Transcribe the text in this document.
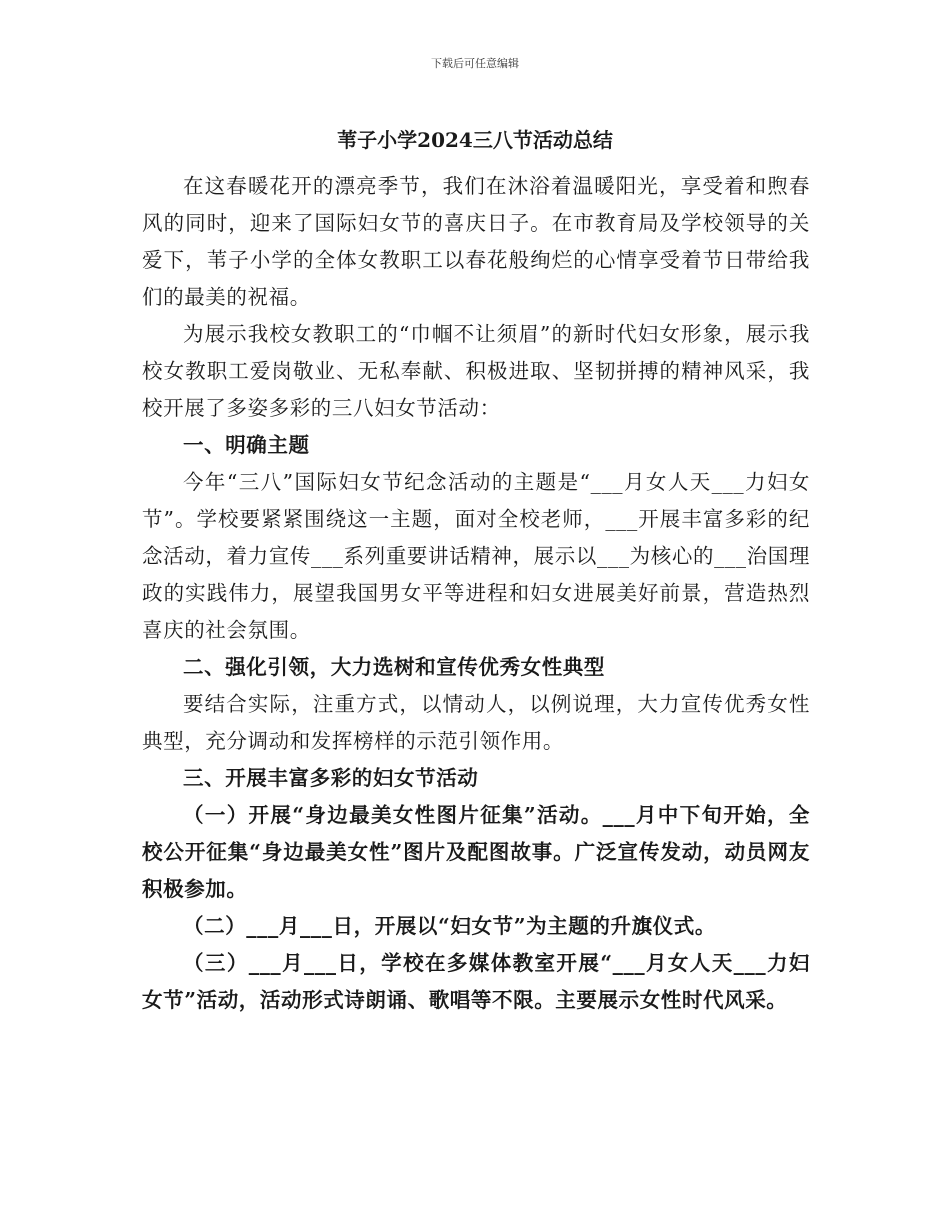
下载后可任意编辑
苇子小学2024三八节活动总结

在这春暖花开的漂亮季节，我们在沐浴着温暖阳光，享受着和煦春风的同时，迎来了国际妇女节的喜庆日子。在市教育局及学校领导的关爱下，苇子小学的全体女教职工以春花般绚烂的心情享受着节日带给我们的最美的祝福。

为展示我校女教职工的“巾帼不让须眉”的新时代妇女形象，展示我校女教职工爱岗敬业、无私奉献、积极进取、坚韧拼搏的精神风采，我校开展了多姿多彩的三八妇女节活动：

一、明确主题

今年“三八”国际妇女节纪念活动的主题是“___月女人天___力妇女节”。学校要紧紧围绕这一主题，面对全校老师，___开展丰富多彩的纪念活动，着力宣传___系列重要讲话精神，展示以___为核心的___治国理政的实践伟力，展望我国男女平等进程和妇女进展美好前景，营造热烈喜庆的社会氛围。

二、强化引领，大力选树和宣传优秀女性典型

要结合实际，注重方式，以情动人，以例说理，大力宣传优秀女性典型，充分调动和发挥榜样的示范引领作用。

三、开展丰富多彩的妇女节活动

（一）开展“身边最美女性图片征集”活动。___月中下旬开始，全校公开征集“身边最美女性”图片及配图故事。广泛宣传发动，动员网友积极参加。

（二）___月___日，开展以“妇女节”为主题的升旗仪式。

（三）___月___日，学校在多媒体教室开展“___月女人天___力妇女节”活动，活动形式诗朗诵、歌唱等不限。主要展示女性时代风采。
